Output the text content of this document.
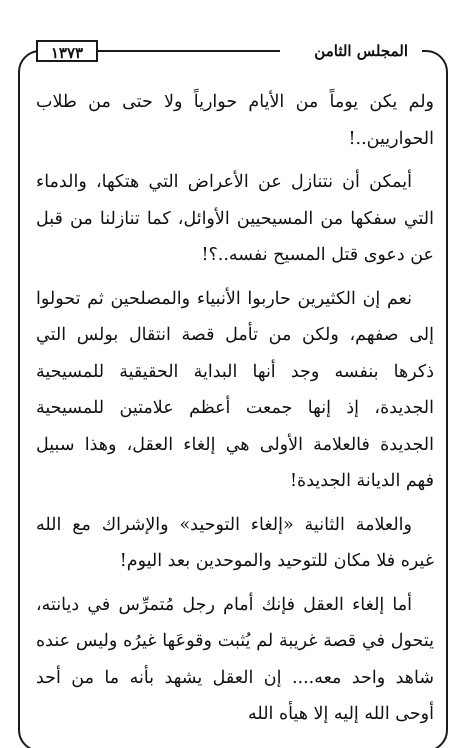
١٣٧٣	المجلس الثامن

ولم يكن يوماً من الأيام حوارياً ولا حتى من طلاب الحواريين..!

أيمكن أن نتنازل عن الأعراض التي هتكها، والدماء التي سفكها من المسيحيين الأوائل، كما تنازلنا من قبل عن دعوى قتل المسيح نفسه..؟!

نعم إن الكثيرين حاربوا الأنبياء والمصلحين ثم تحولوا إلى صفهم، ولكن من تأمل قصة انتقال بولس التي ذكرها بنفسه وجد أنها البداية الحقيقية للمسيحية الجديدة، إذ إنها جمعت أعظم علامتين للمسيحية الجديدة فالعلامة الأولى هي إلغاء العقل، وهذا سبيل فهم الديانة الجديدة!

والعلامة الثانية «إلغاء التوحيد» والإشراك مع الله غيره فلا مكان للتوحيد والموحدين بعد اليوم!

أما إلغاء العقل فإنك أمام رجل مُتمرِّس في ديانته، يتحول في قصة غريبة لم يُثبت وقوعَها غيرُه وليس عنده شاهد واحد معه.... إن العقل يشهد بأنه ما من أحد أوحى الله إليه إلا هيأه الله
